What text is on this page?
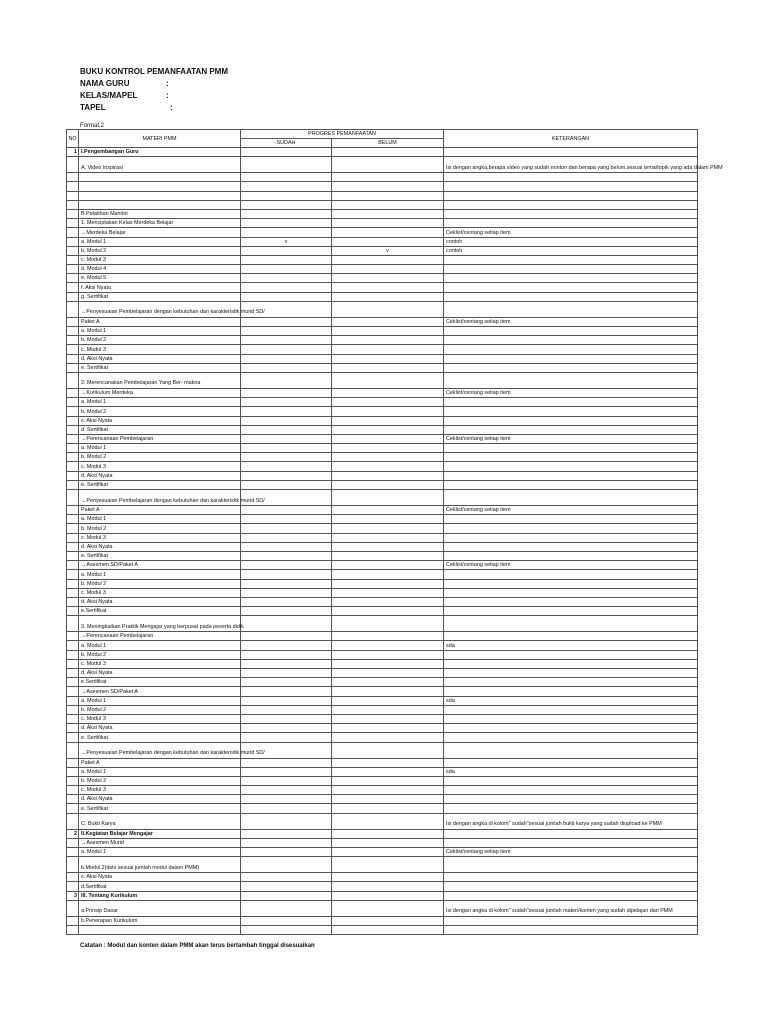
BUKU KONTROL PEMANFAATAN PMM
NAMA GURU	:
KELAS/MAPEL	:
TAPEL	:
Format.2
NO	MATERI PMM	PROGRES PEMANFAATAN		KETERANGAN
		SUDAH	BELUM	
1	I.Pengembangan Guru			
	A. Video Inspirasi			Isi dengan angka,berapa video yang sudah nonton dan berapa yang belum,sesuai tema/topik yang ada dalam PMM

	B.Pelatihan Mandiri			
	1. Menciptakan Kelas Merdeka Belajar			
	→Merdeka Belajar			Ceklist/centang setiap item
	a. Modul 1	v		contoh
	b. Modul 2		v	contoh
	c. Modul 3			
	d. Modul 4			
	e. Modul 5			
	f. Aksi Nyata			
	g. Sertifikat			
	→Penyesuaian Pembelajaran dengan kebutuhan dan karakteristik murid SD/			
	Paket A			Ceklist/centang setiap item
	a. Modul 1			
	b. Modul 2			
	c. Modul 3			
	d. Aksi Nyata			
	e. Sertifikat			
	2. Merencanakan Pembelajaran Yang Ber- makna			
	→Kurikulum Merdeka			Ceklist/centang setiap item
	a. Modul 1			
	b. Modul 2			
	c. Aksi Nyata			
	d. Sertifikat			
	→Perencanaan Pembelajaran			Ceklist/centang setiap item
	a. Modul 1			
	b. Modul 2			
	c. Modul 3			
	d. Aksi Nyata			
	e. Sertifikat			
	→Penyesuaian Pembelajaran dengan kebutuhan dan karakteristik murid SD/			
	Paket A			Ceklist/centang setiap item
	a. Modul 1			
	b. Modul 2			
	c. Modul 3			
	d. Aksi Nyata			
	e. Sertifikat			
	→Asesmen SD/Paket A			Ceklist/centang setiap item
	a. Modul 1			
	b. Modul 2			
	c. Modul 3			
	d. Aksi Nyata			
	e.Sertifikat			
	3. Meningkatkan Praktik Mengajar yang berpusat pada peserta didik			
	→Perencanaan Pembelajaran			
	a. Modul 1			sda
	b. Modul 2			
	c. Modul 3			
	d. Aksi Nyata			
	e.Sertifikat			
	→Asesmen SD/Paket A			
	a. Modul 1			sda
	b. Modul 2			
	c. Modul 3			
	d. Aksi Nyata			
	e. Sertifikat			
	→Penyesuaian Pembelajaran dengan kebutuhan dan karakteristik murid SD/			
	Paket A			
	a. Modul 1			sda
	b. Modul 2			
	c. Modul 3			
	d. Aksi Nyata			
	e. Sertifikat			
	C. Bukti Karya			Isi dengan angka di kolom" sudah"sesuai jumlah bukti karya yang sudah diupload ke PMM
2	II.Kegiatan Belajar Mengajar			
	→Asesmen Murid			
	a. Modul 1			Ceklist/centang setiap item
	b.Modul 2(dstx sesuai jumlah modul dalam PMM)			
	c. Aksi Nyata			
	d.Sertifikat			
3	III. Tentang Kurikulum			
	a.Prinsip Dasar			Isi dengan angka di kolom" sudah"sesuai jumlah materi/konten yang sudah dipelajari dari PMM
	b.Penerapan Kurikulum			

Catatan : Modul dan konten dalam PMM akan terus bertambah tinggal disesuaikan
